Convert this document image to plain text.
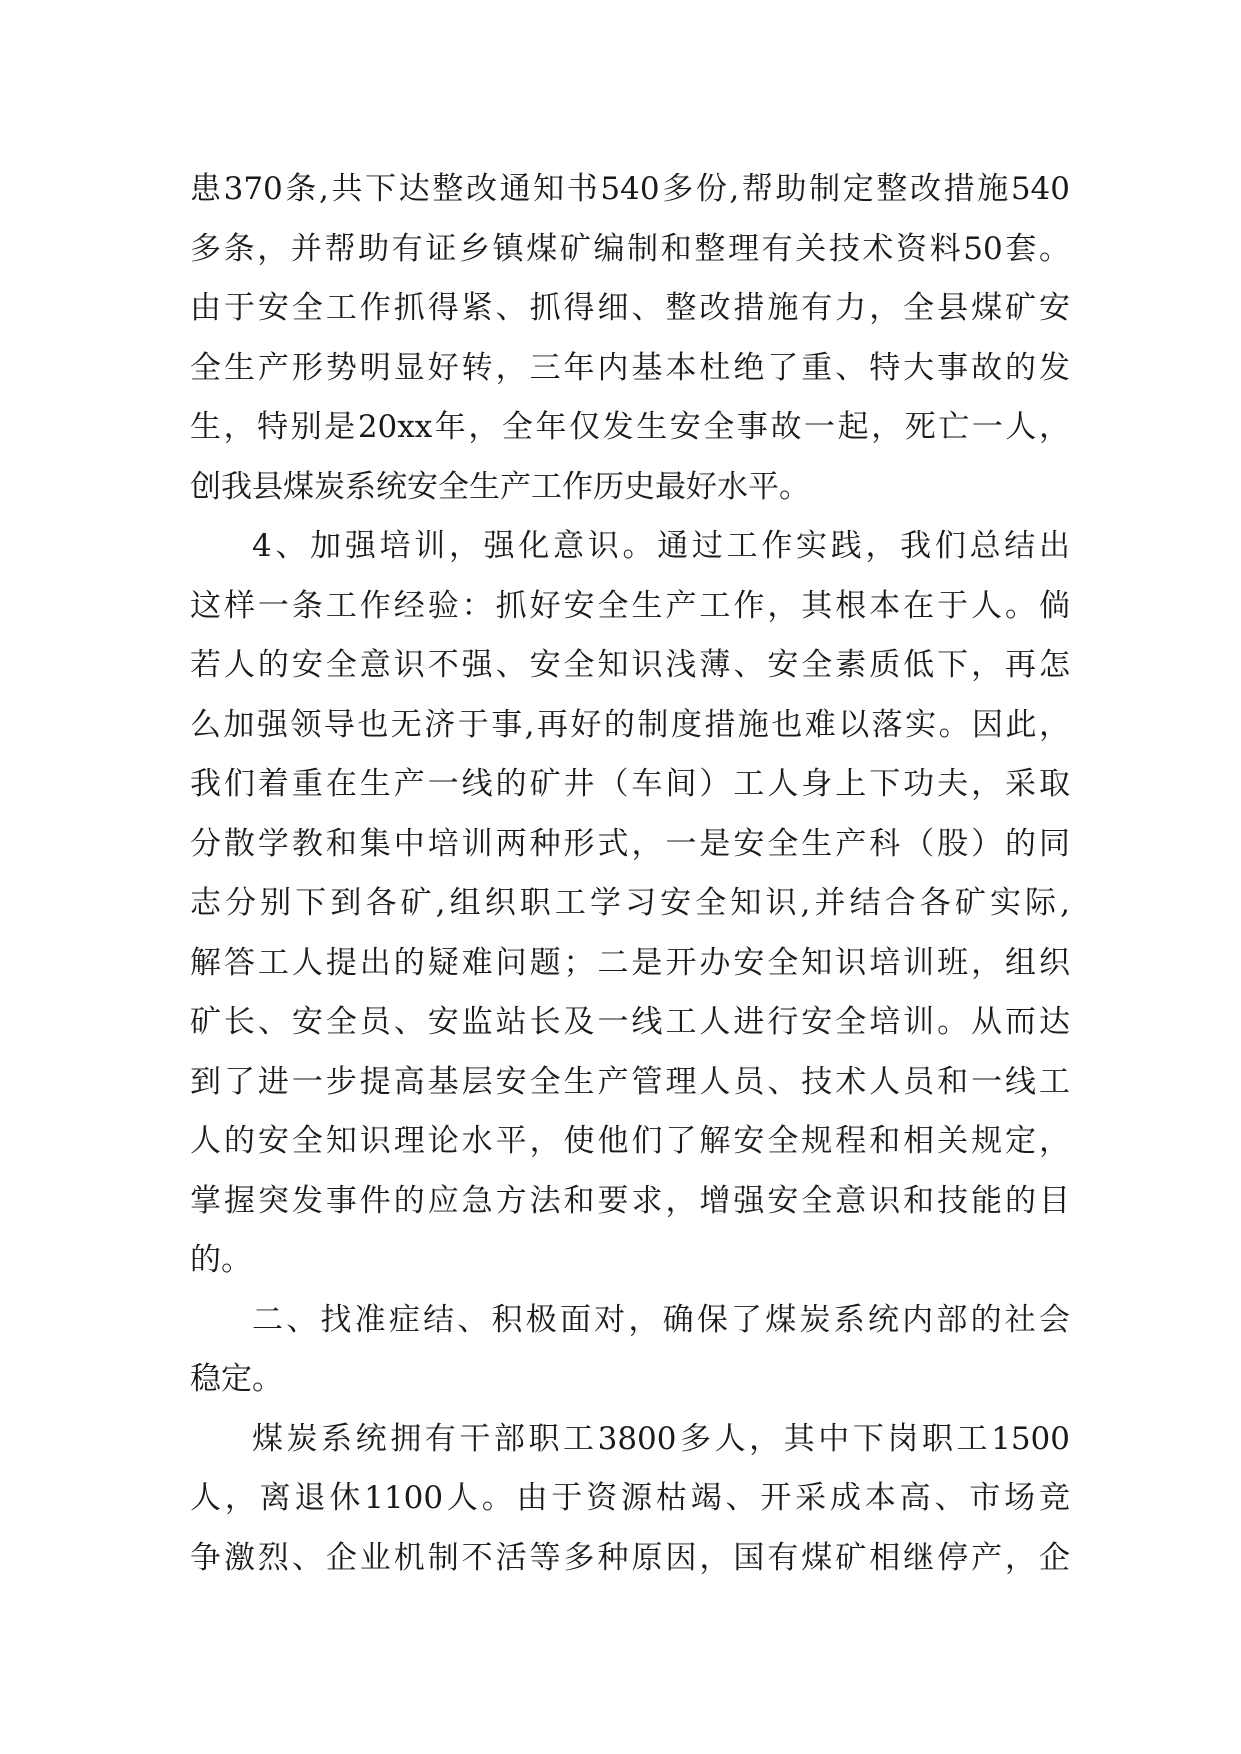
患370条,共下达整改通知书540多份,帮助制定整改措施540
多条，并帮助有证乡镇煤矿编制和整理有关技术资料50套。
由于安全工作抓得紧、抓得细、整改措施有力，全县煤矿安
全生产形势明显好转，三年内基本杜绝了重、特大事故的发
生，特别是20xx年，全年仅发生安全事故一起，死亡一人，
创我县煤炭系统安全生产工作历史最好水平。
4、加强培训，强化意识。通过工作实践，我们总结出
这样一条工作经验：抓好安全生产工作，其根本在于人。倘
若人的安全意识不强、安全知识浅薄、安全素质低下，再怎
么加强领导也无济于事,再好的制度措施也难以落实。因此，
我们着重在生产一线的矿井（车间）工人身上下功夫，采取
分散学教和集中培训两种形式，一是安全生产科（股）的同
志分别下到各矿,组织职工学习安全知识,并结合各矿实际,
解答工人提出的疑难问题；二是开办安全知识培训班，组织
矿长、安全员、安监站长及一线工人进行安全培训。从而达
到了进一步提高基层安全生产管理人员、技术人员和一线工
人的安全知识理论水平，使他们了解安全规程和相关规定，
掌握突发事件的应急方法和要求，增强安全意识和技能的目
的。
二、找准症结、积极面对，确保了煤炭系统内部的社会
稳定。
煤炭系统拥有干部职工3800多人，其中下岗职工1500
人，离退休1100人。由于资源枯竭、开采成本高、市场竞
争激烈、企业机制不活等多种原因，国有煤矿相继停产，企
